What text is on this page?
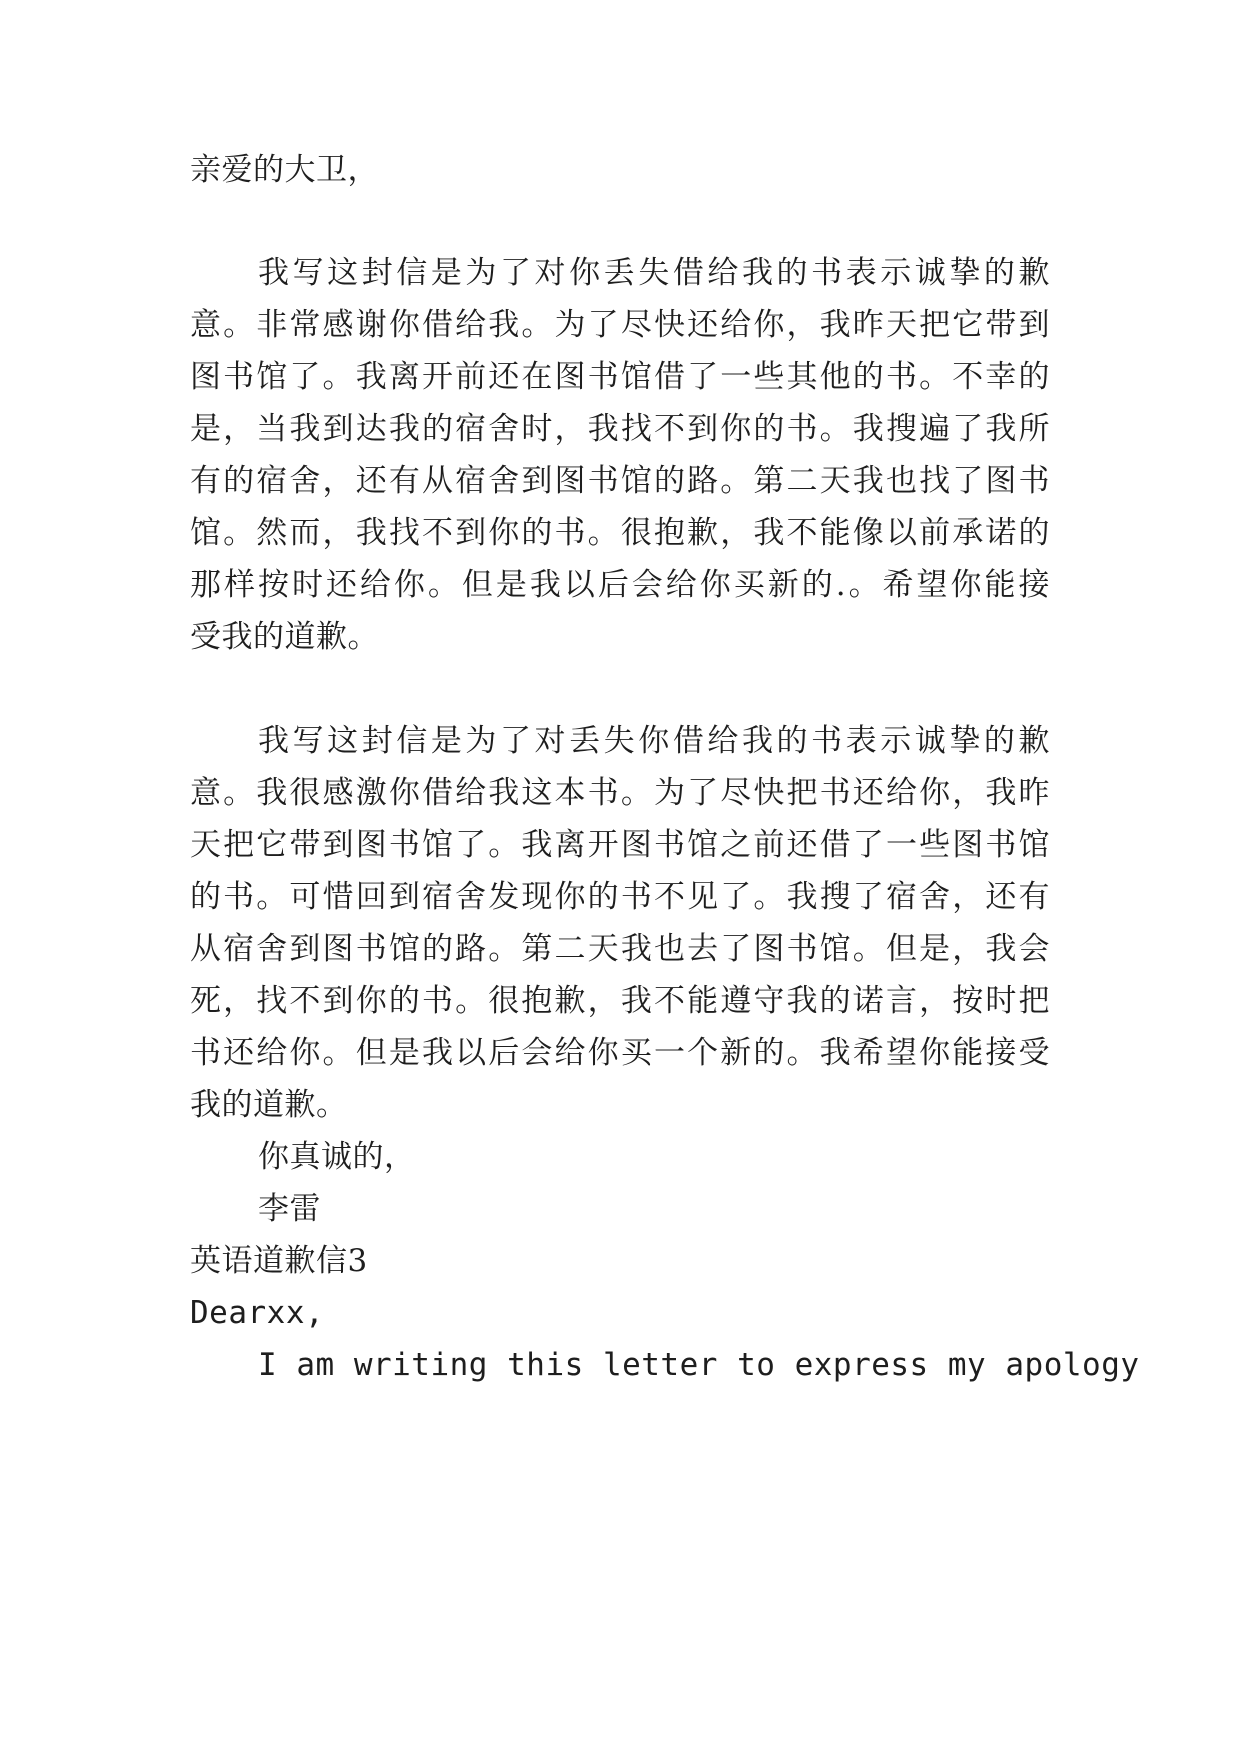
亲爱的大卫，
我写这封信是为了对你丢失借给我的书表示诚挚的歉
意。非常感谢你借给我。为了尽快还给你，我昨天把它带到
图书馆了。我离开前还在图书馆借了一些其他的书。不幸的
是，当我到达我的宿舍时，我找不到你的书。我搜遍了我所
有的宿舍，还有从宿舍到图书馆的路。第二天我也找了图书
馆。然而，我找不到你的书。很抱歉，我不能像以前承诺的
那样按时还给你。但是我以后会给你买新的.。希望你能接
受我的道歉。
我写这封信是为了对丢失你借给我的书表示诚挚的歉
意。我很感激你借给我这本书。为了尽快把书还给你，我昨
天把它带到图书馆了。我离开图书馆之前还借了一些图书馆
的书。可惜回到宿舍发现你的书不见了。我搜了宿舍，还有
从宿舍到图书馆的路。第二天我也去了图书馆。但是，我会
死，找不到你的书。很抱歉，我不能遵守我的诺言，按时把
书还给你。但是我以后会给你买一个新的。我希望你能接受
我的道歉。
你真诚的，
李雷
英语道歉信3
Dearxx,
I am writing this letter to express my apology
